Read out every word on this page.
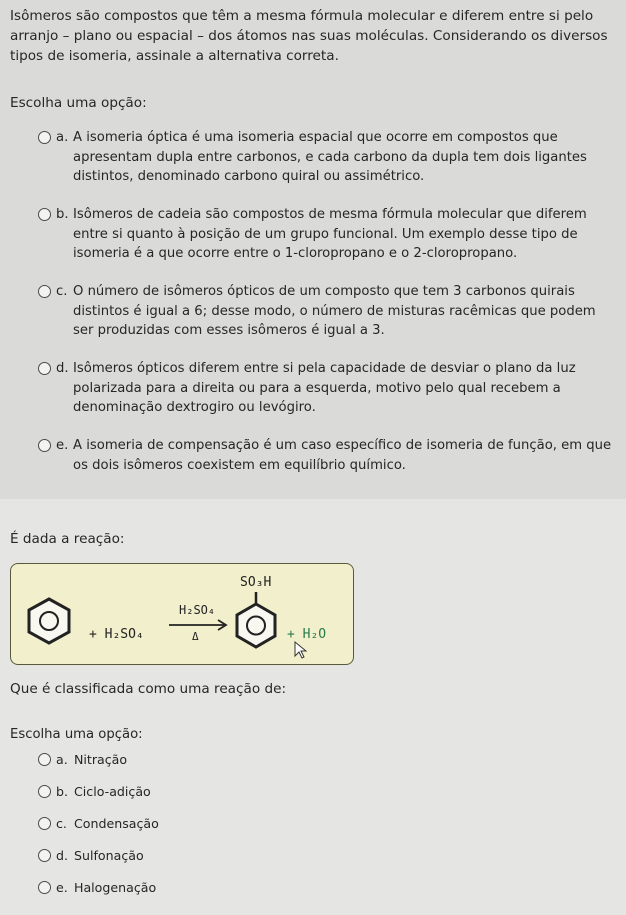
Isômeros são compostos que têm a mesma fórmula molecular e diferem entre si pelo arranjo – plano ou espacial – dos átomos nas suas moléculas. Considerando os diversos tipos de isomeria, assinale a alternativa correta.
Escolha uma opção:
a. A isomeria óptica é uma isomeria espacial que ocorre em compostos que apresentam dupla entre carbonos, e cada carbono da dupla tem dois ligantes distintos, denominado carbono quiral ou assimétrico.
b. Isômeros de cadeia são compostos de mesma fórmula molecular que diferem entre si quanto à posição de um grupo funcional. Um exemplo desse tipo de isomeria é a que ocorre entre o 1-cloropropano e o 2-cloropropano.
c. O número de isômeros ópticos de um composto que tem 3 carbonos quirais distintos é igual a 6; desse modo, o número de misturas racêmicas que podem ser produzidas com esses isômeros é igual a 3.
d. Isômeros ópticos diferem entre si pela capacidade de desviar o plano da luz polarizada para a direita ou para a esquerda, motivo pelo qual recebem a denominação dextrogiro ou levógiro.
e. A isomeria de compensação é um caso específico de isomeria de função, em que os dois isômeros coexistem em equilíbrio químico.
É dada a reação:
+ H₂SO₄
H₂SO₄
Δ
SO₃H
+ H₂O
Que é classificada como uma reação de:
Escolha uma opção:
a. Nitração
b. Ciclo-adição
c. Condensação
d. Sulfonação
e. Halogenação
